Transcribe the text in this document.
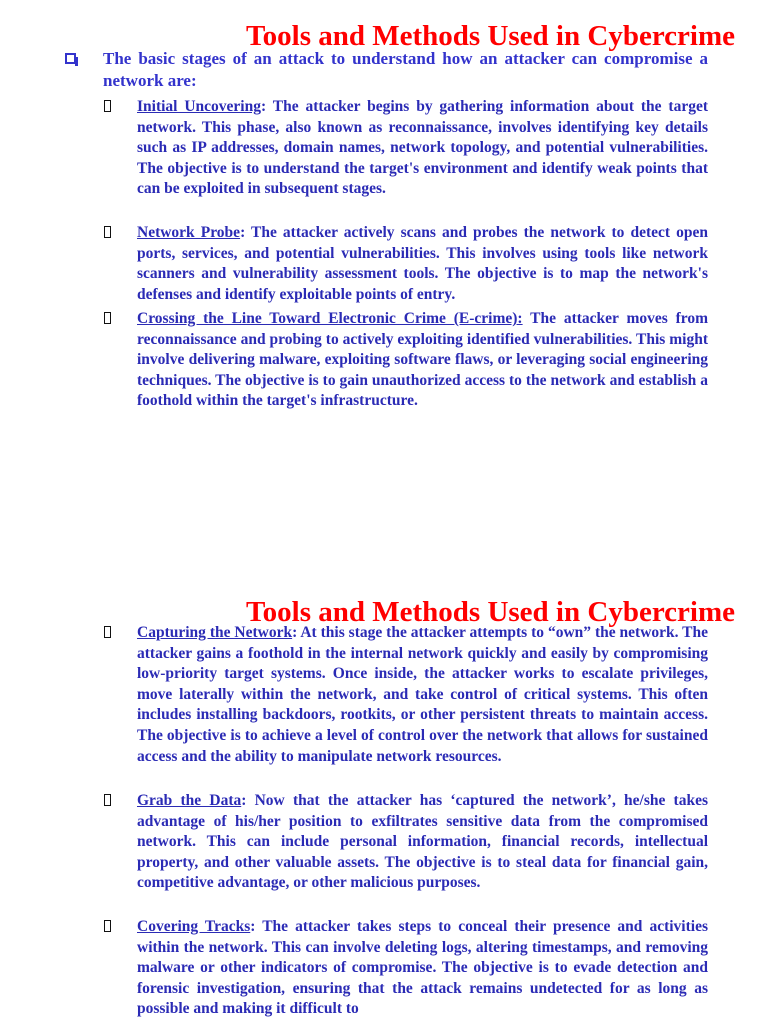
Tools and Methods Used in Cybercrime

The basic stages of an attack to understand how an attacker can compromise a network are:

Initial Uncovering: The attacker begins by gathering information about the target network. This phase, also known as reconnaissance, involves identifying key details such as IP addresses, domain names, network topology, and potential vulnerabilities. The objective is to understand the target's environment and identify weak points that can be exploited in subsequent stages.

Network Probe: The attacker actively scans and probes the network to detect open ports, services, and potential vulnerabilities. This involves using tools like network scanners and vulnerability assessment tools. The objective is to map the network's defenses and identify exploitable points of entry.

Crossing the Line Toward Electronic Crime (E-crime): The attacker moves from reconnaissance and probing to actively exploiting identified vulnerabilities. This might involve delivering malware, exploiting software flaws, or leveraging social engineering techniques. The objective is to gain unauthorized access to the network and establish a foothold within the target's infrastructure.

Tools and Methods Used in Cybercrime

Capturing the Network: At this stage the attacker attempts to “own” the network. The attacker gains a foothold in the internal network quickly and easily by compromising low-priority target systems. Once inside, the attacker works to escalate privileges, move laterally within the network, and take control of critical systems. This often includes installing backdoors, rootkits, or other persistent threats to maintain access. The objective is to achieve a level of control over the network that allows for sustained access and the ability to manipulate network resources.

Grab the Data: Now that the attacker has ‘captured the network’, he/she takes advantage of his/her position to exfiltrates sensitive data from the compromised network. This can include personal information, financial records, intellectual property, and other valuable assets. The objective is to steal data for financial gain, competitive advantage, or other malicious purposes.

Covering Tracks: The attacker takes steps to conceal their presence and activities within the network. This can involve deleting logs, altering timestamps, and removing malware or other indicators of compromise. The objective is to evade detection and forensic investigation, ensuring that the attack remains undetected for as long as possible and making it difficult to
